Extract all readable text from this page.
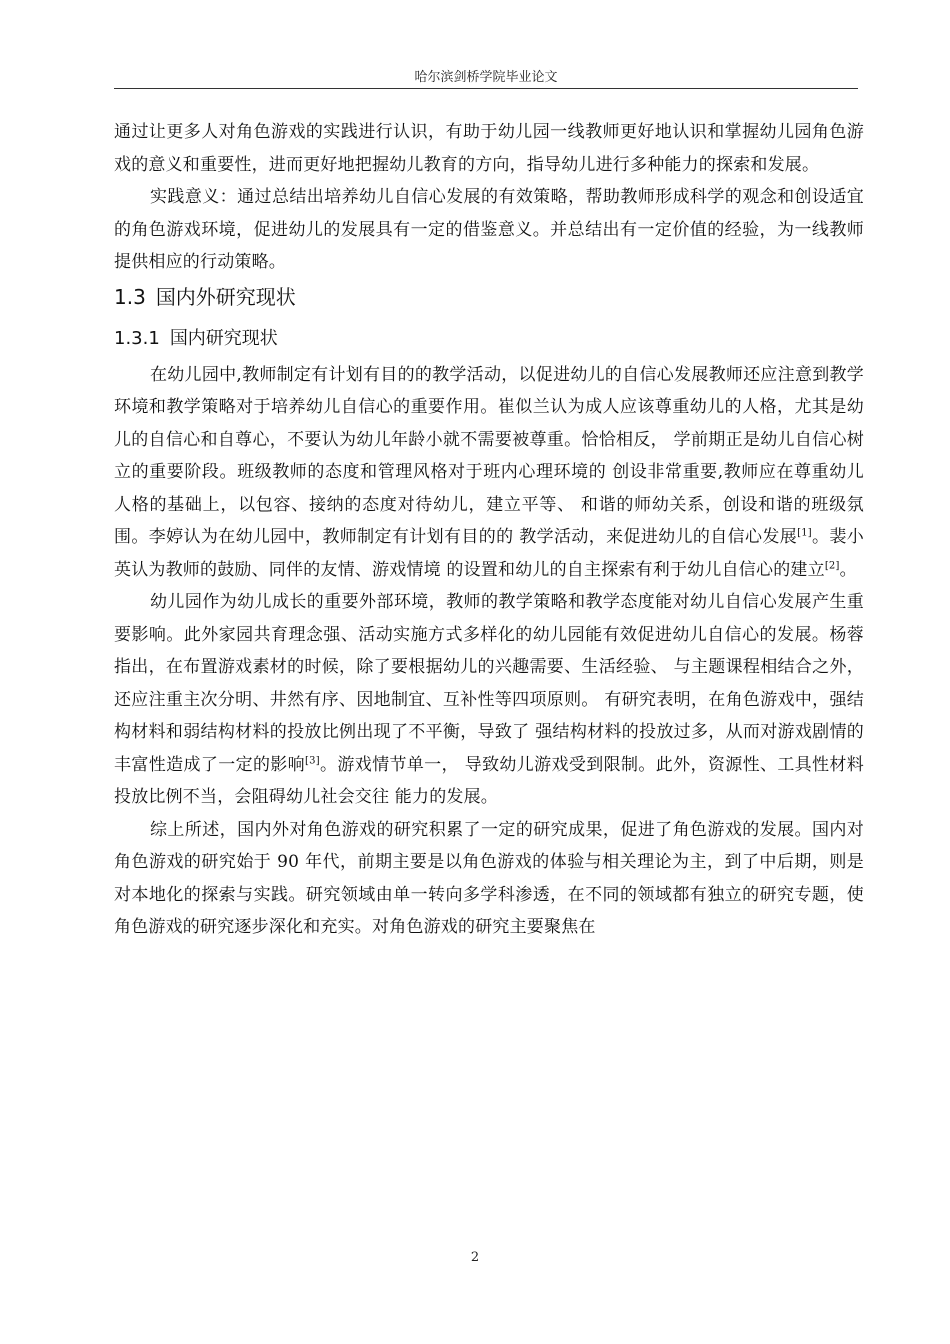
哈尔滨剑桥学院毕业论文

通过让更多人对角色游戏的实践进行认识，有助于幼儿园一线教师更好地认识和掌握幼儿园角色游戏的意义和重要性，进而更好地把握幼儿教育的方向，指导幼儿进行多种能力的探索和发展。

实践意义：通过总结出培养幼儿自信心发展的有效策略，帮助教师形成科学的观念和创设适宜的角色游戏环境，促进幼儿的发展具有一定的借鉴意义。并总结出有一定价值的经验，为一线教师提供相应的行动策略。

1.3 国内外研究现状
1.3.1 国内研究现状

在幼儿园中,教师制定有计划有目的的教学活动，以促进幼儿的自信心发展教师还应注意到教学环境和教学策略对于培养幼儿自信心的重要作用。崔似兰认为成人应该尊重幼儿的人格，尤其是幼儿的自信心和自尊心，不要认为幼儿年龄小就不需要被尊重。恰恰相反， 学前期正是幼儿自信心树立的重要阶段。班级教师的态度和管理风格对于班内心理环境的 创设非常重要,教师应在尊重幼儿人格的基础上，以包容、接纳的态度对待幼儿，建立平等、 和谐的师幼关系，创设和谐的班级氛围。李婷认为在幼儿园中，教师制定有计划有目的的 教学活动，来促进幼儿的自信心发展[1]。裴小英认为教师的鼓励、同伴的友情、游戏情境 的设置和幼儿的自主探索有利于幼儿自信心的建立[2]。

幼儿园作为幼儿成长的重要外部环境，教师的教学策略和教学态度能对幼儿自信心发展产生重要影响。此外家园共育理念强、活动实施方式多样化的幼儿园能有效促进幼儿自信心的发展。杨蓉指出，在布置游戏素材的时候，除了要根据幼儿的兴趣需要、生活经验、 与主题课程相结合之外，还应注重主次分明、井然有序、因地制宜、互补性等四项原则。 有研究表明，在角色游戏中，强结构材料和弱结构材料的投放比例出现了不平衡，导致了 强结构材料的投放过多，从而对游戏剧情的丰富性造成了一定的影响[3]。游戏情节单一， 导致幼儿游戏受到限制。此外，资源性、工具性材料投放比例不当，会阻碍幼儿社会交往 能力的发展。

综上所述，国内外对角色游戏的研究积累了一定的研究成果，促进了角色游戏的发展。国内对角色游戏的研究始于 90 年代，前期主要是以角色游戏的体验与相关理论为主，到了中后期，则是对本地化的探索与实践。研究领域由单一转向多学科渗透，在不同的领域都有独立的研究专题，使角色游戏的研究逐步深化和充实。对角色游戏的研究主要聚焦在

2
